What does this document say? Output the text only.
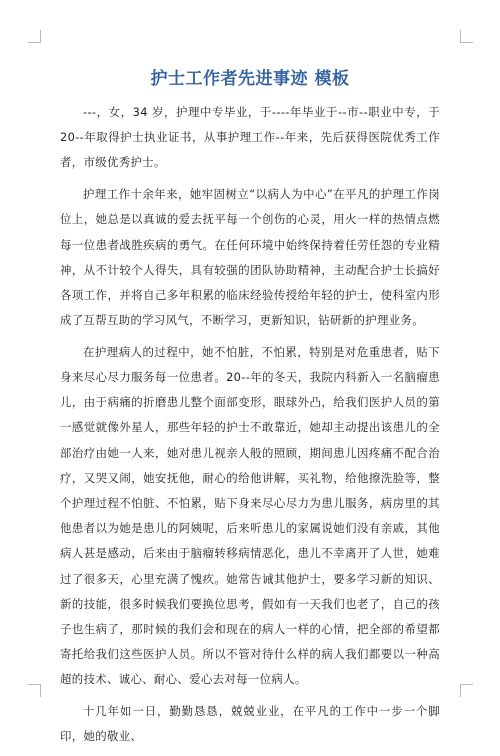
护士工作者先进事迹 模板

---，女，34 岁，护理中专毕业，于----年毕业于--市--职业中专，于 20--年取得护士执业证书，从事护理工作--年来，先后获得医院优秀工作者，市级优秀护士。

护理工作十余年来，她牢固树立“以病人为中心”在平凡的护理工作岗位上，她总是以真诚的爱去抚平每一个创伤的心灵，用火一样的热情点燃每一位患者战胜疾病的勇气。在任何环境中始终保持着任劳任怨的专业精神，从不计较个人得失，具有较强的团队协助精神，主动配合护士长搞好各项工作，并将自己多年积累的临床经验传授给年轻的护士，使科室内形成了互帮互助的学习风气，不断学习，更新知识，钻研新的护理业务。

在护理病人的过程中，她不怕脏，不怕累，特别是对危重患者，贴下身来尽心尽力服务每一位患者。20--年的冬天，我院内科新入一名脑瘤患儿，由于病痛的折磨患儿整个面部变形，眼球外凸，给我们医护人员的第一感觉就像外星人，那些年轻的护士不敢靠近，她却主动提出该患儿的全部治疗由她一人来，她对患儿视亲人般的照顾，期间患儿因疼痛不配合治疗，又哭又闹，她安抚他，耐心的给他讲解，买礼物，给他擦洗脸等，整个护理过程不怕脏、不怕累，贴下身来尽心尽力为患儿服务，病房里的其他患者以为她是患儿的阿姨呢，后来听患儿的家属说她们没有亲戚，其他病人甚是感动，后来由于脑瘤转移病情恶化，患儿不幸离开了人世，她难过了很多天，心里充满了愧疚。她常告诫其他护士，要多学习新的知识、新的技能，很多时候我们要换位思考，假如有一天我们也老了，自己的孩子也生病了，那时候的我们会和现在的病人一样的心情，把全部的希望都寄托给我们这些医护人员。所以不管对待什么样的病人我们都要以一种高超的技术、诚心、耐心、爱心去对每一位病人。

十几年如一日，勤勤恳恳，兢兢业业，在平凡的工作中一步一个脚印，她的敬业、
